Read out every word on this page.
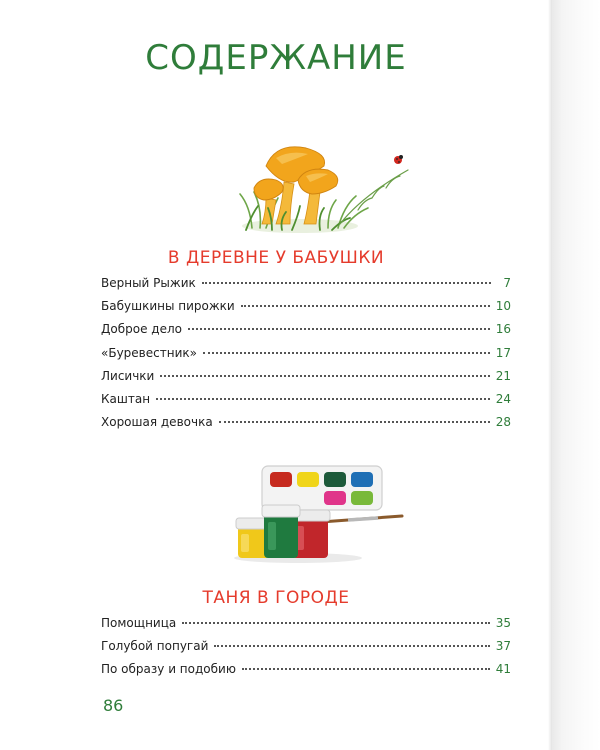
СОДЕРЖАНИЕ
В ДЕРЕВНЕ У БАБУШКИ
Верный Рыжик	7
Бабушкины пирожки	10
Доброе дело	16
«Буревестник»	17
Лисички	21
Каштан	24
Хорошая девочка	28
ТАНЯ В ГОРОДЕ
Помощница	35
Голубой попугай	37
По образу и подобию	41

86
